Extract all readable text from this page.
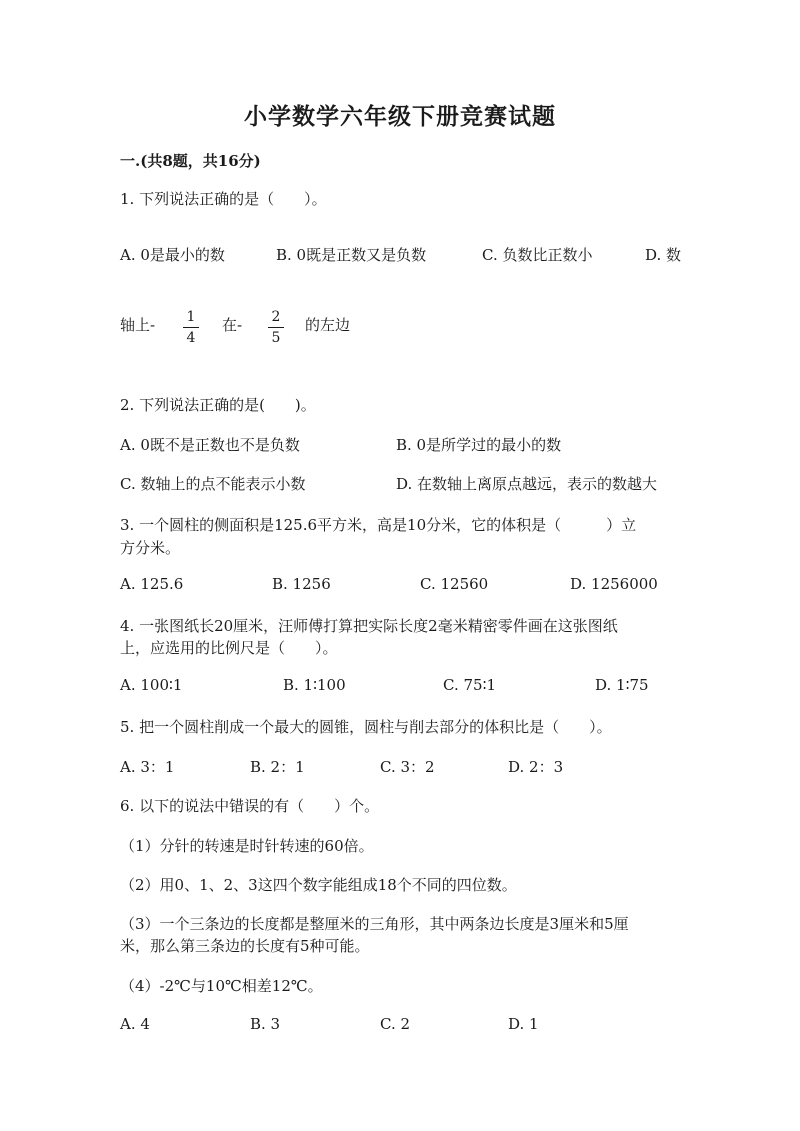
小学数学六年级下册竞赛试题
一.(共8题，共16分)
1. 下列说法正确的是（　　）。
A. 0是最小的数	B. 0既是正数又是负数	C. 负数比正数小	D. 数
轴上-	1
4
在-	2
5
的左边
2. 下列说法正确的是(　　)。
A. 0既不是正数也不是负数	B. 0是所学过的最小的数
C. 数轴上的点不能表示小数	D. 在数轴上离原点越远，表示的数越大
3. 一个圆柱的侧面积是125.6平方米，高是10分米，它的体积是（　　　）立
方分米。
A. 125.6	B. 1256	C. 12560	D. 1256000
4. 一张图纸长20厘米，汪师傅打算把实际长度2毫米精密零件画在这张图纸
上，应选用的比例尺是（　　）。
A. 100∶1	B. 1∶100	C. 75∶1	D. 1∶75
5. 把一个圆柱削成一个最大的圆锥，圆柱与削去部分的体积比是（　　）。
A. 3：1	B. 2：1	C. 3：2	D. 2：3
6. 以下的说法中错误的有（　　）个。
（1）分针的转速是时针转速的60倍。
（2）用0、1、2、3这四个数字能组成18个不同的四位数。
（3）一个三条边的长度都是整厘米的三角形，其中两条边长度是3厘米和5厘
米，那么第三条边的长度有5种可能。
（4）-2℃与10℃相差12℃。
A. 4	B. 3	C. 2	D. 1
